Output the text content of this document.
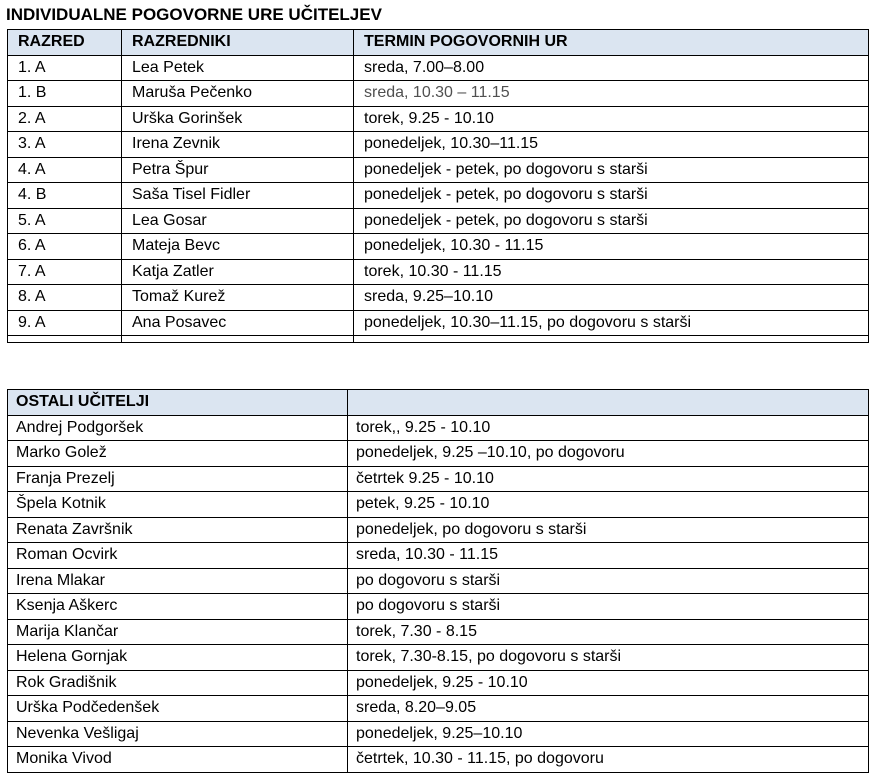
INDIVIDUALNE POGOVORNE URE UČITELJEV
RAZRED	RAZREDNIKI	TERMIN POGOVORNIH UR
1. A	Lea Petek	sreda, 7.00–8.00
1. B	Maruša Pečenko	sreda, 10.30 – 11.15
2. A	Urška Gorinšek	torek, 9.25 - 10.10
3. A	Irena Zevnik	ponedeljek, 10.30–11.15
4. A	Petra Špur	ponedeljek - petek, po dogovoru s starši
4. B	Saša Tisel Fidler	ponedeljek - petek, po dogovoru s starši
5. A	Lea Gosar	ponedeljek - petek, po dogovoru s starši
6. A	Mateja Bevc	ponedeljek, 10.30 - 11.15
7. A	Katja Zatler	torek, 10.30 - 11.15
8. A	Tomaž Kurež	sreda, 9.25–10.10
9. A	Ana Posavec	ponedeljek, 10.30–11.15, po dogovoru s starši

OSTALI UČITELJI	
Andrej Podgoršek	torek,, 9.25 - 10.10
Marko Golež	ponedeljek, 9.25 –10.10, po dogovoru
Franja Prezelj	četrtek 9.25 - 10.10
Špela Kotnik	petek, 9.25 - 10.10
Renata Završnik	ponedeljek, po dogovoru s starši
Roman Ocvirk	sreda, 10.30 - 11.15
Irena Mlakar	po dogovoru s starši
Ksenja Aškerc	po dogovoru s starši
Marija Klančar	torek, 7.30 - 8.15
Helena Gornjak	torek, 7.30-8.15, po dogovoru s starši
Rok Gradišnik	ponedeljek, 9.25 - 10.10
Urška Podčedenšek	sreda, 8.20–9.05
Nevenka Vešligaj	ponedeljek, 9.25–10.10
Monika Vivod	četrtek, 10.30 - 11.15, po dogovoru
